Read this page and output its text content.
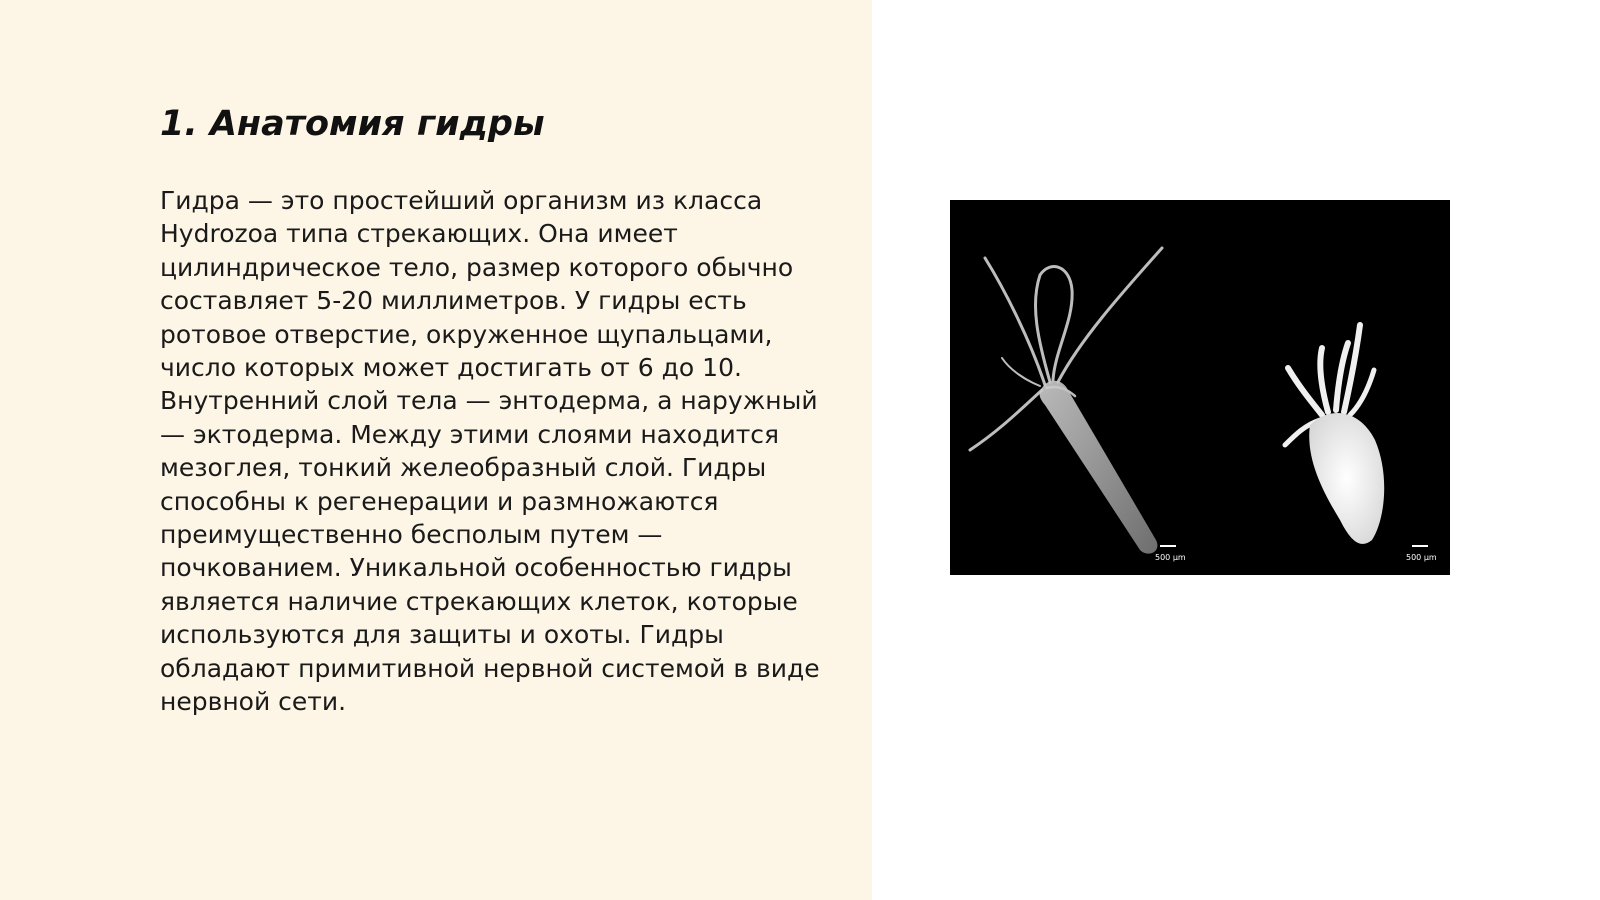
1. Анатомия гидры

Гидра — это простейший организм из класса Hydrozoa типа стрекающих. Она имеет цилиндрическое тело, размер которого обычно составляет 5-20 миллиметров. У гидры есть ротовое отверстие, окруженное щупальцами, число которых может достигать от 6 до 10. Внутренний слой тела — энтодерма, а наружный — эктодерма. Между этими слоями находится мезоглея, тонкий желеобразный слой. Гидры способны к регенерации и размножаются преимущественно бесполым путем — почкованием. Уникальной особенностью гидры является наличие стрекающих клеток, которые используются для защиты и охоты. Гидры обладают примитивной нервной системой в виде нервной сети.

500 µm	500 µm
